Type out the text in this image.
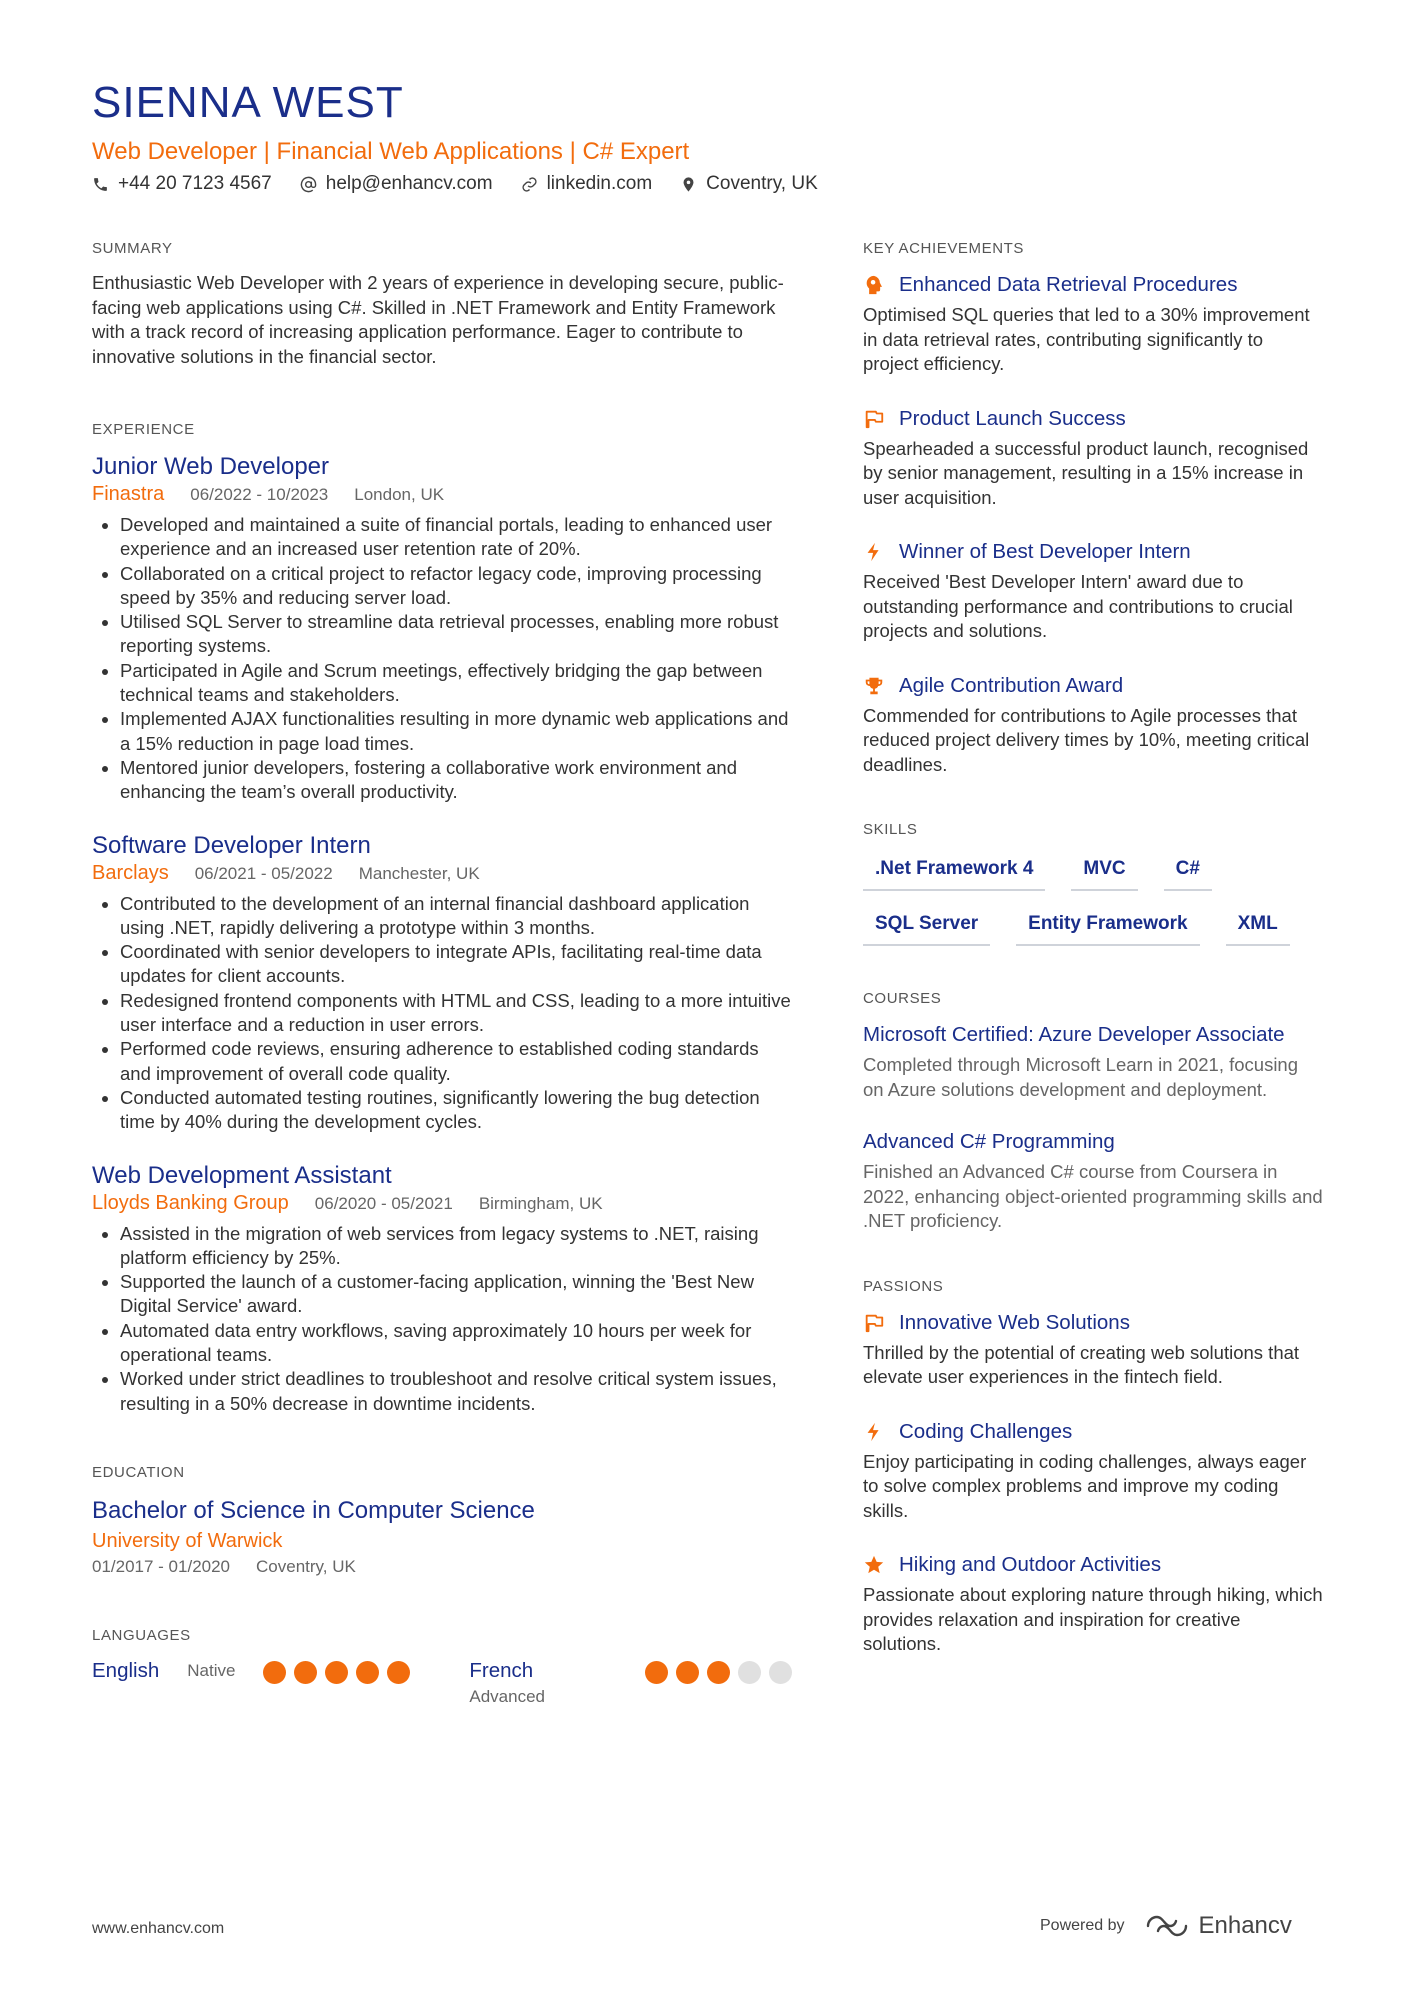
SIENNA WEST
Web Developer | Financial Web Applications | C# Expert
+44 20 7123 4567	help@enhancv.com	linkedin.com	Coventry, UK
SUMMARY

Enthusiastic Web Developer with 2 years of experience in developing secure, public-facing web applications using C#. Skilled in .NET Framework and Entity Framework with a track record of increasing application performance. Eager to contribute to innovative solutions in the financial sector.

EXPERIENCE
Junior Web Developer
Finastra 06/2022 - 10/2023 London, UK
• Developed and maintained a suite of financial portals, leading to enhanced user experience and an increased user retention rate of 20%.
• Collaborated on a critical project to refactor legacy code, improving processing speed by 35% and reducing server load.
• Utilised SQL Server to streamline data retrieval processes, enabling more robust reporting systems.
• Participated in Agile and Scrum meetings, effectively bridging the gap between technical teams and stakeholders.
• Implemented AJAX functionalities resulting in more dynamic web applications and a 15% reduction in page load times.
• Mentored junior developers, fostering a collaborative work environment and enhancing the team’s overall productivity.
Software Developer Intern
Barclays 06/2021 - 05/2022 Manchester, UK
• Contributed to the development of an internal financial dashboard application using .NET, rapidly delivering a prototype within 3 months.
• Coordinated with senior developers to integrate APIs, facilitating real-time data updates for client accounts.
• Redesigned frontend components with HTML and CSS, leading to a more intuitive user interface and a reduction in user errors.
• Performed code reviews, ensuring adherence to established coding standards and improvement of overall code quality.
• Conducted automated testing routines, significantly lowering the bug detection time by 40% during the development cycles.
Web Development Assistant
Lloyds Banking Group 06/2020 - 05/2021 Birmingham, UK
• Assisted in the migration of web services from legacy systems to .NET, raising platform efficiency by 25%.
• Supported the launch of a customer-facing application, winning the 'Best New Digital Service' award.
• Automated data entry workflows, saving approximately 10 hours per week for operational teams.
• Worked under strict deadlines to troubleshoot and resolve critical system issues, resulting in a 50% decrease in downtime incidents.
EDUCATION
Bachelor of Science in Computer Science
University of Warwick
01/2017 - 01/2020 Coventry, UK
LANGUAGES
English Native	French
Advanced
KEY ACHIEVEMENTS
Enhanced Data Retrieval Procedures
Optimised SQL queries that led to a 30% improvement in data retrieval rates, contributing significantly to project efficiency.
Product Launch Success
Spearheaded a successful product launch, recognised by senior management, resulting in a 15% increase in user acquisition.
Winner of Best Developer Intern
Received 'Best Developer Intern' award due to outstanding performance and contributions to crucial projects and solutions.
Agile Contribution Award
Commended for contributions to Agile processes that reduced project delivery times by 10%, meeting critical deadlines.
SKILLS
.Net Framework 4	MVC	C#
SQL Server	Entity Framework	XML
COURSES
Microsoft Certified: Azure Developer Associate
Completed through Microsoft Learn in 2021, focusing on Azure solutions development and deployment.
Advanced C# Programming
Finished an Advanced C# course from Coursera in 2022, enhancing object-oriented programming skills and .NET proficiency.
PASSIONS
Innovative Web Solutions
Thrilled by the potential of creating web solutions that elevate user experiences in the fintech field.
Coding Challenges
Enjoy participating in coding challenges, always eager to solve complex problems and improve my coding skills.
Hiking and Outdoor Activities
Passionate about exploring nature through hiking, which provides relaxation and inspiration for creative solutions.
www.enhancv.com	Powered by	Enhancv
